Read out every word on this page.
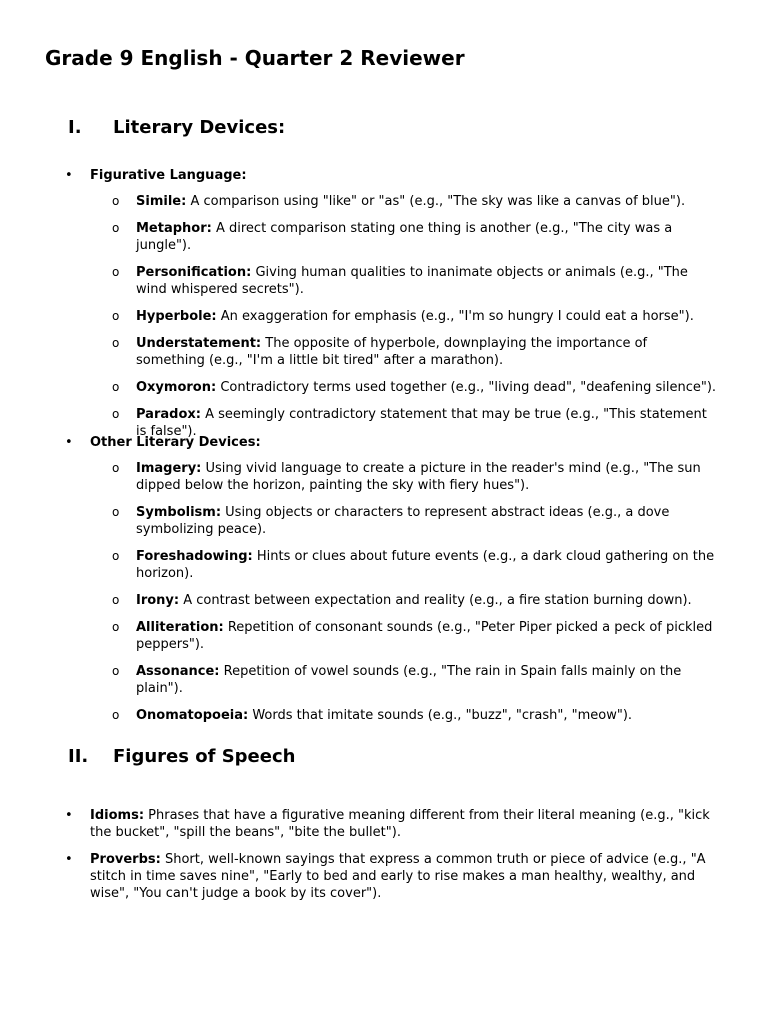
Grade 9 English - Quarter 2 Reviewer
I. Literary Devices:
• Figurative Language:
o Simile: A comparison using "like" or "as" (e.g., "The sky was like a canvas of blue").
o Metaphor: A direct comparison stating one thing is another (e.g., "The city was a jungle").
o Personification: Giving human qualities to inanimate objects or animals (e.g., "The wind whispered secrets").
o Hyperbole: An exaggeration for emphasis (e.g., "I'm so hungry I could eat a horse").
o Understatement: The opposite of hyperbole, downplaying the importance of something (e.g., "I'm a little bit tired" after a marathon).
o Oxymoron: Contradictory terms used together (e.g., "living dead", "deafening silence").
o Paradox: A seemingly contradictory statement that may be true (e.g., "This statement is false").
• Other Literary Devices:
o Imagery: Using vivid language to create a picture in the reader's mind (e.g., "The sun dipped below the horizon, painting the sky with fiery hues").
o Symbolism: Using objects or characters to represent abstract ideas (e.g., a dove symbolizing peace).
o Foreshadowing: Hints or clues about future events (e.g., a dark cloud gathering on the horizon).
o Irony: A contrast between expectation and reality (e.g., a fire station burning down).
o Alliteration: Repetition of consonant sounds (e.g., "Peter Piper picked a peck of pickled peppers").
o Assonance: Repetition of vowel sounds (e.g., "The rain in Spain falls mainly on the plain").
o Onomatopoeia: Words that imitate sounds (e.g., "buzz", "crash", "meow").
II. Figures of Speech
• Idioms: Phrases that have a figurative meaning different from their literal meaning (e.g., "kick the bucket", "spill the beans", "bite the bullet").
• Proverbs: Short, well-known sayings that express a common truth or piece of advice (e.g., "A stitch in time saves nine", "Early to bed and early to rise makes a man healthy, wealthy, and wise", "You can't judge a book by its cover").
